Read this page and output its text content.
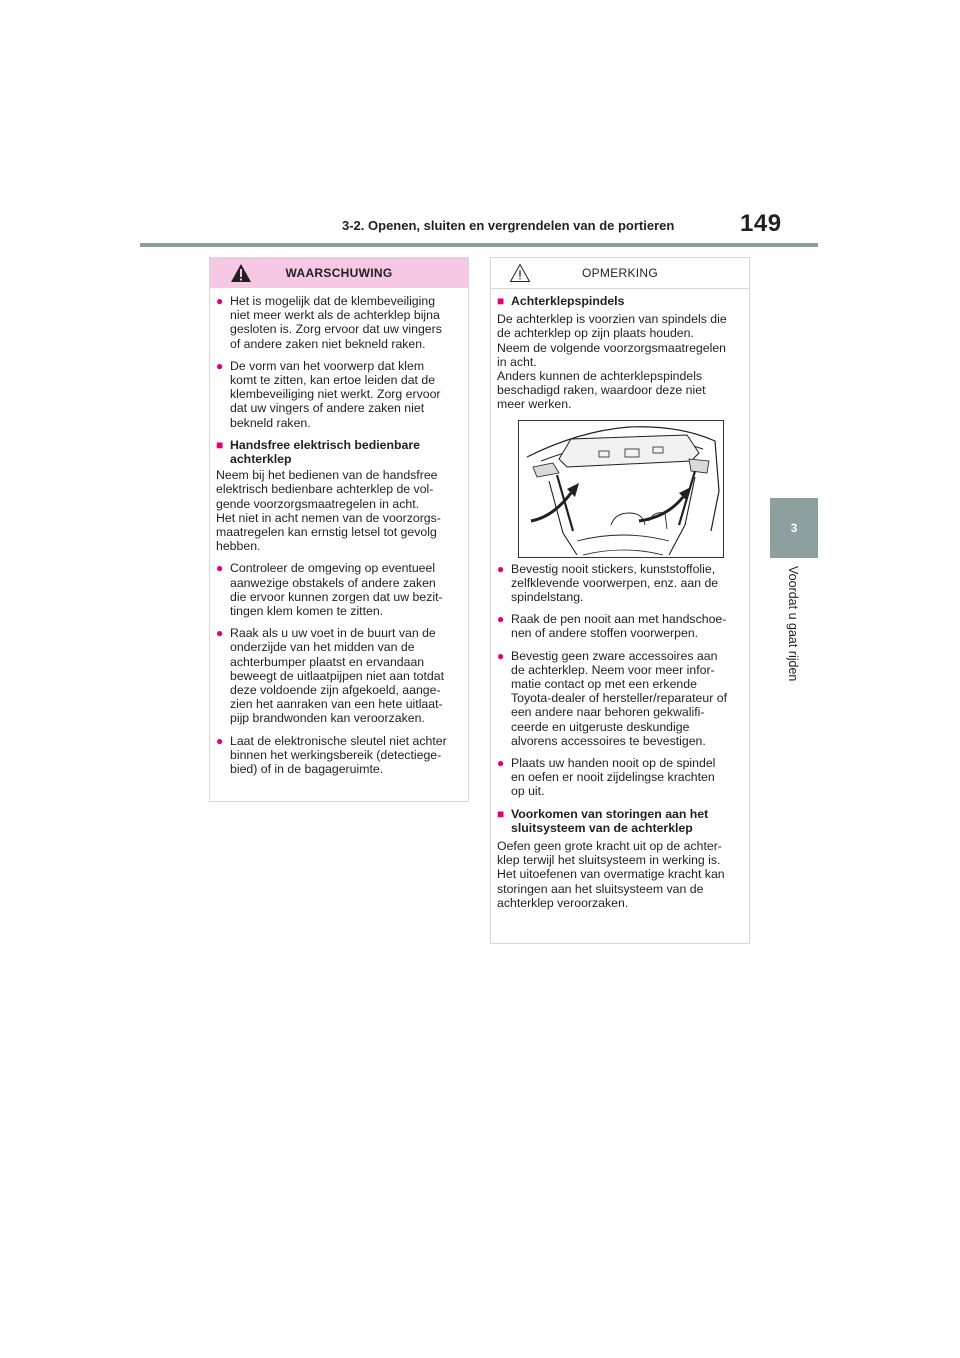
3-2. Openen, sluiten en vergrendelen van de portieren	149
3
Voordat u gaat rijden
WAARSCHUWING
● Het is mogelijk dat de klembeveiliging
niet meer werkt als de achterklep bijna
gesloten is. Zorg ervoor dat uw vingers
of andere zaken niet bekneld raken.
● De vorm van het voorwerp dat klem
komt te zitten, kan ertoe leiden dat de
klembeveiliging niet werkt. Zorg ervoor
dat uw vingers of andere zaken niet
bekneld raken.
■ Handsfree elektrisch bedienbare
achterklep
Neem bij het bedienen van de handsfree
elektrisch bedienbare achterklep de vol-
gende voorzorgsmaatregelen in acht.
Het niet in acht nemen van de voorzorgs-
maatregelen kan ernstig letsel tot gevolg
hebben.
● Controleer de omgeving op eventueel
aanwezige obstakels of andere zaken
die ervoor kunnen zorgen dat uw bezit-
tingen klem komen te zitten.
● Raak als u uw voet in de buurt van de
onderzijde van het midden van de
achterbumper plaatst en ervandaan
beweegt de uitlaatpijpen niet aan totdat
deze voldoende zijn afgekoeld, aange-
zien het aanraken van een hete uitlaat-
pijp brandwonden kan veroorzaken.
● Laat de elektronische sleutel niet achter
binnen het werkingsbereik (detectiege-
bied) of in de bagageruimte.
OPMERKING
■ Achterklepspindels
De achterklep is voorzien van spindels die
de achterklep op zijn plaats houden.
Neem de volgende voorzorgsmaatregelen
in acht.
Anders kunnen de achterklepspindels
beschadigd raken, waardoor deze niet
meer werken.
● Bevestig nooit stickers, kunststoffolie,
zelfklevende voorwerpen, enz. aan de
spindelstang.
● Raak de pen nooit aan met handschoe-
nen of andere stoffen voorwerpen.
● Bevestig geen zware accessoires aan
de achterklep. Neem voor meer infor-
matie contact op met een erkende
Toyota-dealer of hersteller/reparateur of
een andere naar behoren gekwalifi-
ceerde en uitgeruste deskundige
alvorens accessoires te bevestigen.
● Plaats uw handen nooit op de spindel
en oefen er nooit zijdelingse krachten
op uit.
■ Voorkomen van storingen aan het
sluitsysteem van de achterklep
Oefen geen grote kracht uit op de achter-
klep terwijl het sluitsysteem in werking is.
Het uitoefenen van overmatige kracht kan
storingen aan het sluitsysteem van de
achterklep veroorzaken.
